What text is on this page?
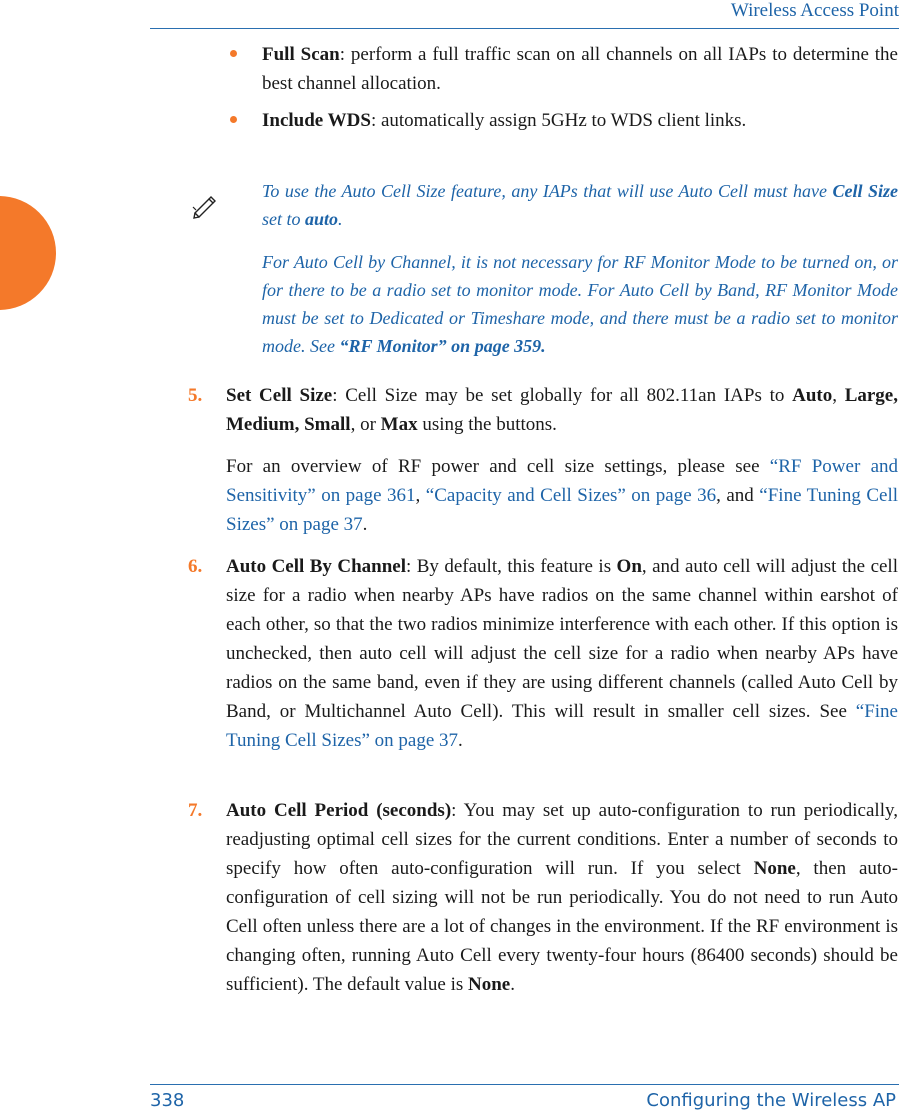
Wireless Access Point
Full Scan: perform a full traffic scan on all channels on all IAPs to determine the best channel allocation.
Include WDS: automatically assign 5GHz to WDS client links.
To use the Auto Cell Size feature, any IAPs that will use Auto Cell must have Cell Size set to auto.
For Auto Cell by Channel, it is not necessary for RF Monitor Mode to be turned on, or for there to be a radio set to monitor mode. For Auto Cell by Band, RF Monitor Mode must be set to Dedicated or Timeshare mode, and there must be a radio set to monitor mode. See “RF Monitor” on page 359.
5. Set Cell Size: Cell Size may be set globally for all 802.11an IAPs to Auto, Large, Medium, Small, or Max using the buttons.
For an overview of RF power and cell size settings, please see “RF Power and Sensitivity” on page 361, “Capacity and Cell Sizes” on page 36, and “Fine Tuning Cell Sizes” on page 37.
6. Auto Cell By Channel: By default, this feature is On, and auto cell will adjust the cell size for a radio when nearby APs have radios on the same channel within earshot of each other, so that the two radios minimize interference with each other. If this option is unchecked, then auto cell will adjust the cell size for a radio when nearby APs have radios on the same band, even if they are using different channels (called Auto Cell by Band, or Multichannel Auto Cell). This will result in smaller cell sizes. See “Fine Tuning Cell Sizes” on page 37.
7. Auto Cell Period (seconds): You may set up auto-configuration to run periodically, readjusting optimal cell sizes for the current conditions. Enter a number of seconds to specify how often auto-configuration will run. If you select None, then auto-configuration of cell sizing will not be run periodically. You do not need to run Auto Cell often unless there are a lot of changes in the environment. If the RF environment is changing often, running Auto Cell every twenty-four hours (86400 seconds) should be sufficient). The default value is None.
338	Configuring the Wireless AP
